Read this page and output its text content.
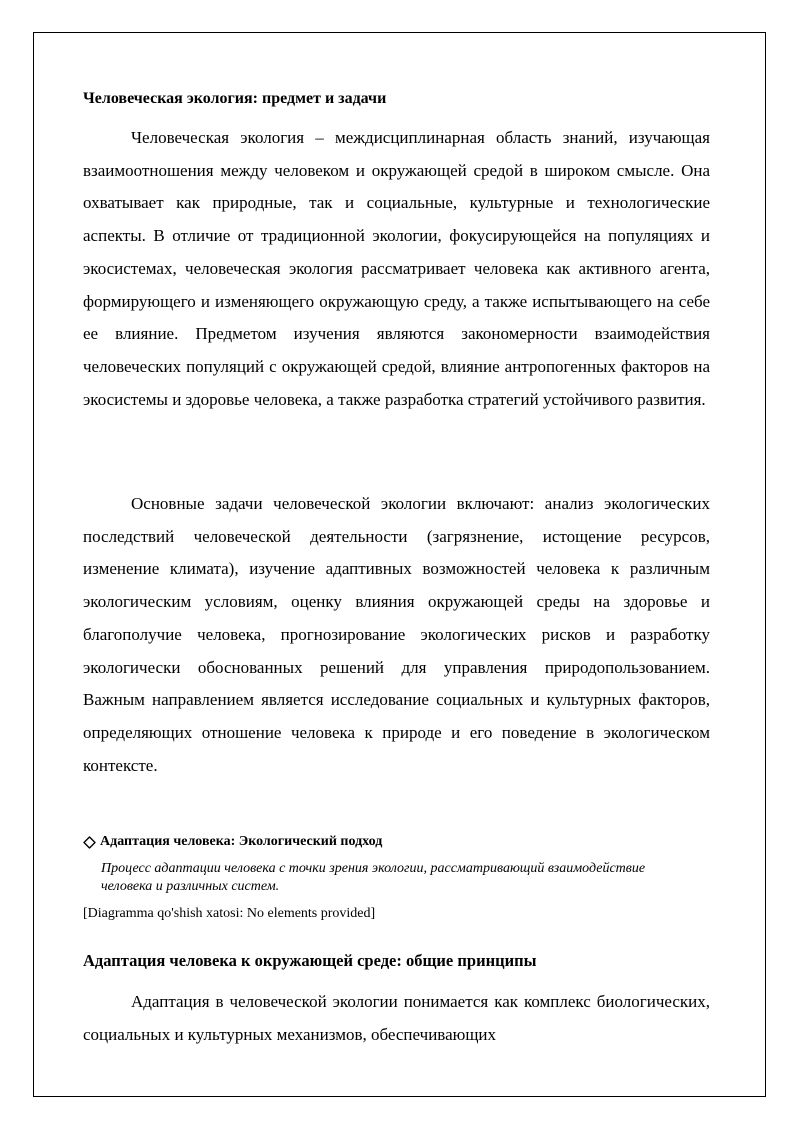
Человеческая экология: предмет и задачи

Человеческая экология – междисциплинарная область знаний, изучающая взаимоотношения между человеком и окружающей средой в широком смысле. Она охватывает как природные, так и социальные, культурные и технологические аспекты. В отличие от традиционной экологии, фокусирующейся на популяциях и экосистемах, человеческая экология рассматривает человека как активного агента, формирующего и изменяющего окружающую среду, а также испытывающего на себе ее влияние. Предметом изучения являются закономерности взаимодействия человеческих популяций с окружающей средой, влияние антропогенных факторов на экосистемы и здоровье человека, а также разработка стратегий устойчивого развития.

Основные задачи человеческой экологии включают: анализ экологических последствий человеческой деятельности (загрязнение, истощение ресурсов, изменение климата), изучение адаптивных возможностей человека к различным экологическим условиям, оценку влияния окружающей среды на здоровье и благополучие человека, прогнозирование экологических рисков и разработку экологически обоснованных решений для управления природопользованием. Важным направлением является исследование социальных и культурных факторов, определяющих отношение человека к природе и его поведение в экологическом контексте.

Адаптация человека: Экологический подход
Процесс адаптации человека с точки зрения экологии, рассматривающий взаимодействие человека и различных систем.
[Diagramma qo'shish xatosi: No elements provided]
Адаптация человека к окружающей среде: общие принципы

Адаптация в человеческой экологии понимается как комплекс биологических, социальных и культурных механизмов, обеспечивающих
